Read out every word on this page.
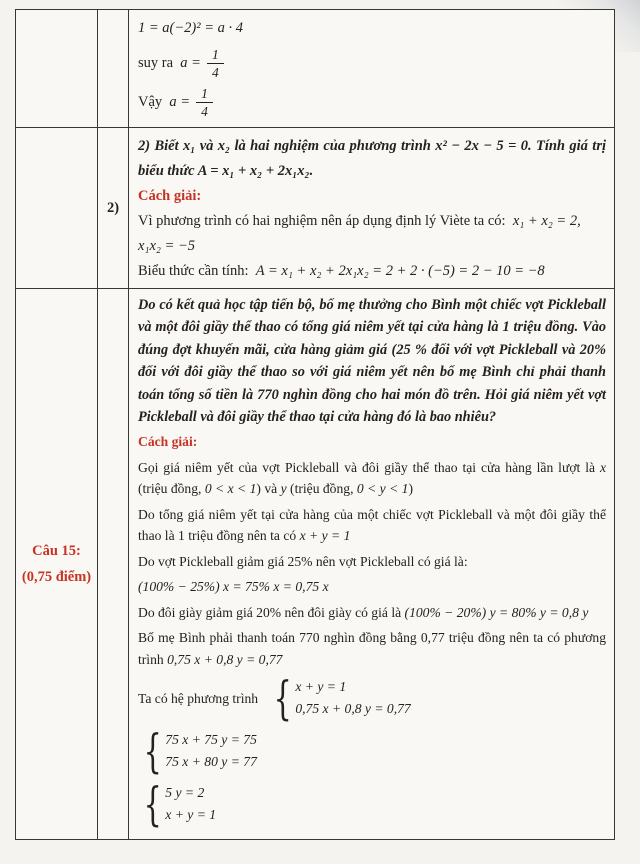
1 = a(−2)² = a · 4
suy ra
$a = \frac{1}{4}$
Vậy
$a = \frac{1}{4}$
2)
2) Biết x₁ và x₂ là hai nghiệm của phương trình x² − 2x − 5 = 0. Tính giá trị biểu thức A = x₁ + x₂ + 2x₁x₂.
Cách giải:
Vì phương trình có hai nghiệm nên áp dụng định lý Viète ta có: x₁ + x₂ = 2,   x₁x₂ = −5
Biểu thức cần tính: A = x₁ + x₂ + 2x₁x₂ = 2 + 2 · (−5) = 2 − 10 = −8

Câu 15:
(0,75 điểm)
Do có kết quả học tập tiến bộ, bố mẹ thưởng cho Bình một chiếc vợt Pickleball và một đôi giầy thể thao có tổng giá niêm yết tại cửa hàng là 1 triệu đồng. Vào đúng đợt khuyến mãi, cửa hàng giảm giá (25 % đối với vợt Pickleball và 20% đối với đôi giầy thể thao so với giá niêm yết nên bố mẹ Bình chỉ phải thanh toán tổng số tiền là 770 nghìn đồng cho hai món đồ trên. Hỏi giá niêm yết vợt Pickleball và đôi giầy thể thao tại cửa hàng đó là bao nhiêu?
Cách giải:

Gọi giá niêm yết của vợt Pickleball và đôi giầy thể thao tại cửa hàng lần lượt là x (triệu đồng, 0 < x < 1) và y (triệu đồng, 0 < y < 1)

Do tổng giá niêm yết tại cửa hàng của một chiếc vợt Pickleball và một đôi giầy thể thao là 1 triệu đồng nên ta có x + y = 1

Do vợt Pickleball giảm giá 25% nên vợt Pickleball có giá là:

(100% − 25%) x = 75% x = 0,75 x

Do đôi giày giảm giá 20% nên đôi giày có giá là (100% − 20%) y = 80% y = 0,8 y

Bố mẹ Bình phải thanh toán 770 nghìn đồng bằng 0,77 triệu đồng nên ta có phương trình 0,75 x + 0,8 y = 0,77

Ta có hệ phương trình { x + y = 1
0,75 x + 0,8 y = 0,77
{ 75 x + 75 y = 75
75 x + 80 y = 77
{ 5 y = 2
x + y = 1
